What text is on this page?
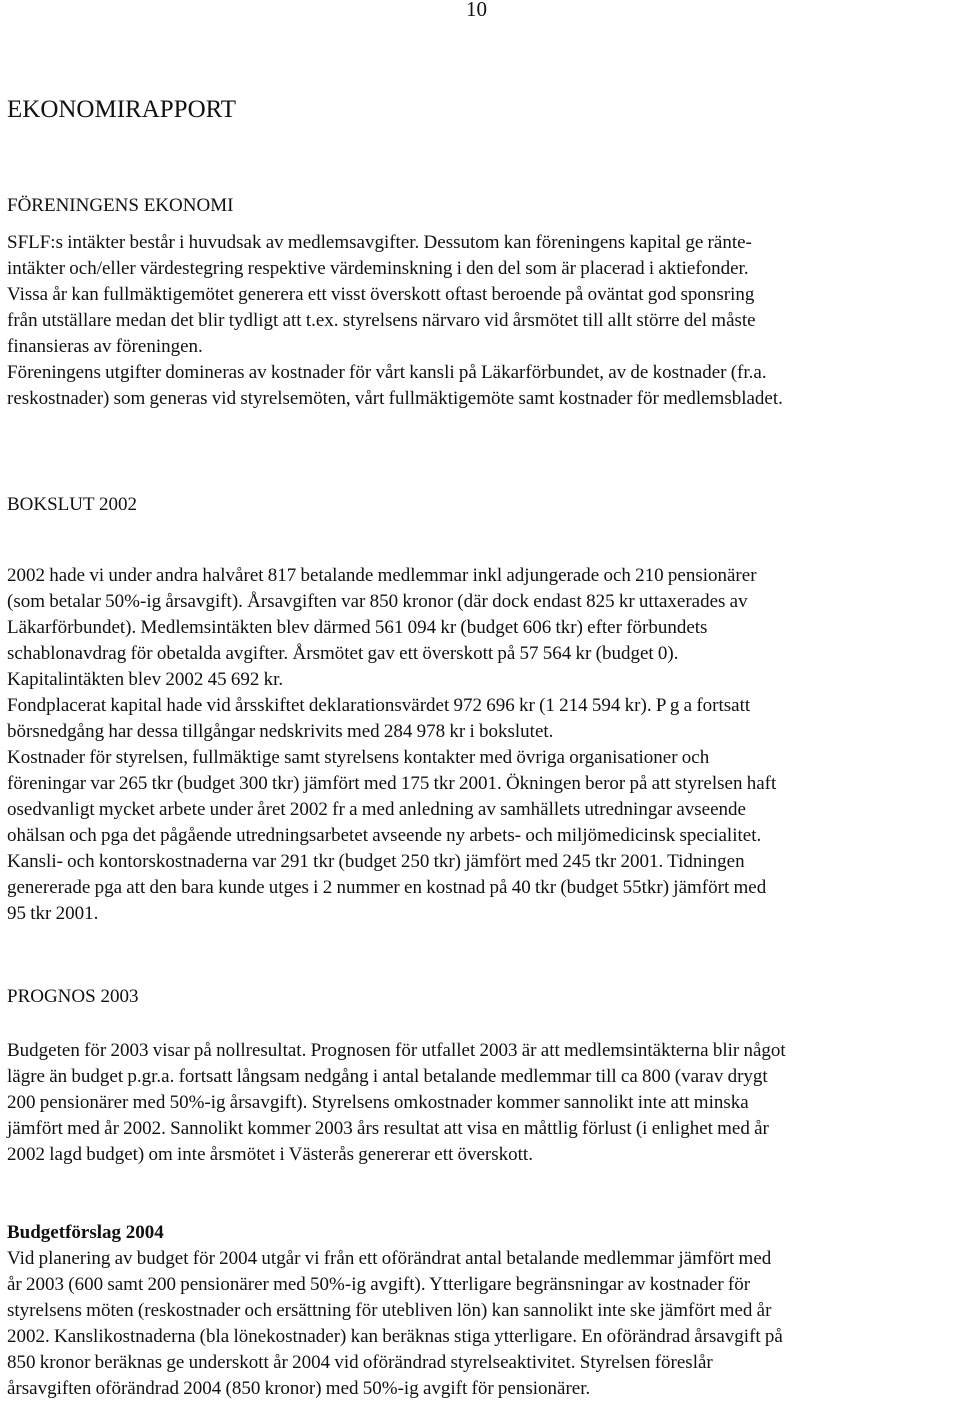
10
EKONOMIRAPPORT
FÖRENINGENS EKONOMI

SFLF:s intäkter består i huvudsak av medlemsavgifter. Dessutom kan föreningens kapital ge ränte-
intäkter och/eller värdestegring respektive värdeminskning i den del som är placerad i aktiefonder.
Vissa år kan fullmäktigemötet generera ett visst överskott oftast beroende på oväntat god sponsring
från utställare medan det blir tydligt att t.ex. styrelsens närvaro vid årsmötet till allt större del måste
finansieras av föreningen.
Föreningens utgifter domineras av kostnader för vårt kansli på Läkarförbundet, av de kostnader (fr.a.
reskostnader) som generas vid styrelsemöten, vårt fullmäktigemöte samt kostnader för medlemsbladet.

BOKSLUT 2002

2002 hade vi under andra halvåret 817 betalande medlemmar inkl adjungerade och 210 pensionärer
(som betalar 50%-ig årsavgift). Årsavgiften var 850 kronor (där dock endast 825 kr uttaxerades av
Läkarförbundet). Medlemsintäkten blev därmed 561 094 kr (budget 606 tkr) efter förbundets
schablonavdrag för obetalda avgifter. Årsmötet gav ett överskott på 57 564 kr (budget 0).
Kapitalintäkten blev 2002 45 692 kr.
Fondplacerat kapital hade vid årsskiftet deklarationsvärdet 972 696 kr (1 214 594 kr). P g a fortsatt
börsnedgång har dessa tillgångar nedskrivits med 284 978 kr i bokslutet.
Kostnader för styrelsen, fullmäktige samt styrelsens kontakter med övriga organisationer och
föreningar var 265 tkr (budget 300 tkr) jämfört med 175 tkr 2001. Ökningen beror på att styrelsen haft
osedvanligt mycket arbete under året 2002 fr a med anledning av samhällets utredningar avseende
ohälsan och pga det pågående utredningsarbetet avseende ny arbets- och miljömedicinsk specialitet.
Kansli- och kontorskostnaderna var 291 tkr (budget 250 tkr) jämfört med 245 tkr 2001. Tidningen
genererade pga att den bara kunde utges i 2 nummer en kostnad på 40 tkr (budget 55tkr) jämfört med
95 tkr 2001.

PROGNOS 2003

Budgeten för 2003 visar på nollresultat. Prognosen för utfallet 2003 är att medlemsintäkterna blir något
lägre än budget p.gr.a. fortsatt långsam nedgång i antal betalande medlemmar till ca 800 (varav drygt
200 pensionärer med 50%-ig årsavgift). Styrelsens omkostnader kommer sannolikt inte att minska
jämfört med år 2002. Sannolikt kommer 2003 års resultat att visa en måttlig förlust (i enlighet med år
2002 lagd budget) om inte årsmötet i Västerås genererar ett överskott.

Budgetförslag 2004

Vid planering av budget för 2004 utgår vi från ett oförändrat antal betalande medlemmar jämfört med
år 2003 (600 samt 200 pensionärer med 50%-ig avgift). Ytterligare begränsningar av kostnader för
styrelsens möten (reskostnader och ersättning för utebliven lön) kan sannolikt inte ske jämfört med år
2002. Kanslikostnaderna (bla lönekostnader) kan beräknas stiga ytterligare. En oförändrad årsavgift på
850 kronor beräknas ge underskott år 2004 vid oförändrad styrelseaktivitet. Styrelsen föreslår
årsavgiften oförändrad 2004 (850 kronor) med 50%-ig avgift för pensionärer.
